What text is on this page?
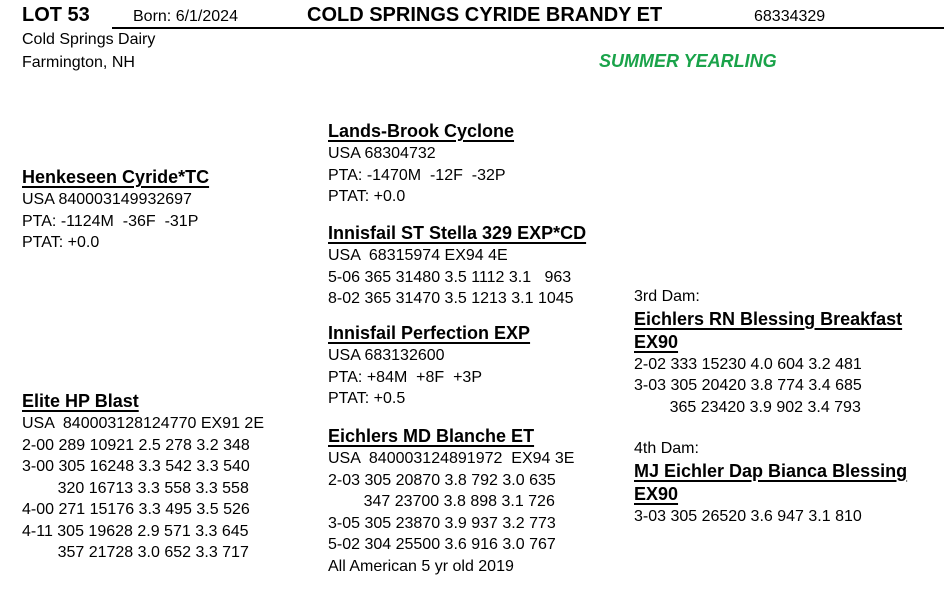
LOT 53	Born: 6/1/2024	COLD SPRINGS CYRIDE BRANDY ET	68334329
Cold Springs Dairy
Farmington, NH	SUMMER YEARLING
Henkeseen Cyride*TC
USA 840003149932697
PTA: -1124M  -36F  -31P
PTAT: +0.0
Elite HP Blast
USA  840003128124770 EX91 2E
2-00 289 10921 2.5 278 3.2 348
3-00 305 16248 3.3 542 3.3 540
320 16713 3.3 558 3.3 558
4-00 271 15176 3.3 495 3.5 526
4-11 305 19628 2.9 571 3.3 645
357 21728 3.0 652 3.3 717
Lands-Brook Cyclone
USA 68304732
PTA: -1470M  -12F  -32P
PTAT: +0.0
Innisfail ST Stella 329 EXP*CD
USA  68315974 EX94 4E
5-06 365 31480 3.5 1112 3.1   963
8-02 365 31470 3.5 1213 3.1 1045
Innisfail Perfection EXP
USA 683132600
PTA: +84M  +8F  +3P
PTAT: +0.5
Eichlers MD Blanche ET
USA  840003124891972  EX94 3E
2-03 305 20870 3.8 792 3.0 635
347 23700 3.8 898 3.1 726
3-05 305 23870 3.9 937 3.2 773
5-02 304 25500 3.6 916 3.0 767
All American 5 yr old 2019
3rd Dam:
Eichlers RN Blessing Breakfast
EX90
2-02 333 15230 4.0 604 3.2 481
3-03 305 20420 3.8 774 3.4 685
365 23420 3.9 902 3.4 793
4th Dam:
MJ Eichler Dap Bianca Blessing
EX90
3-03 305 26520 3.6 947 3.1 810
